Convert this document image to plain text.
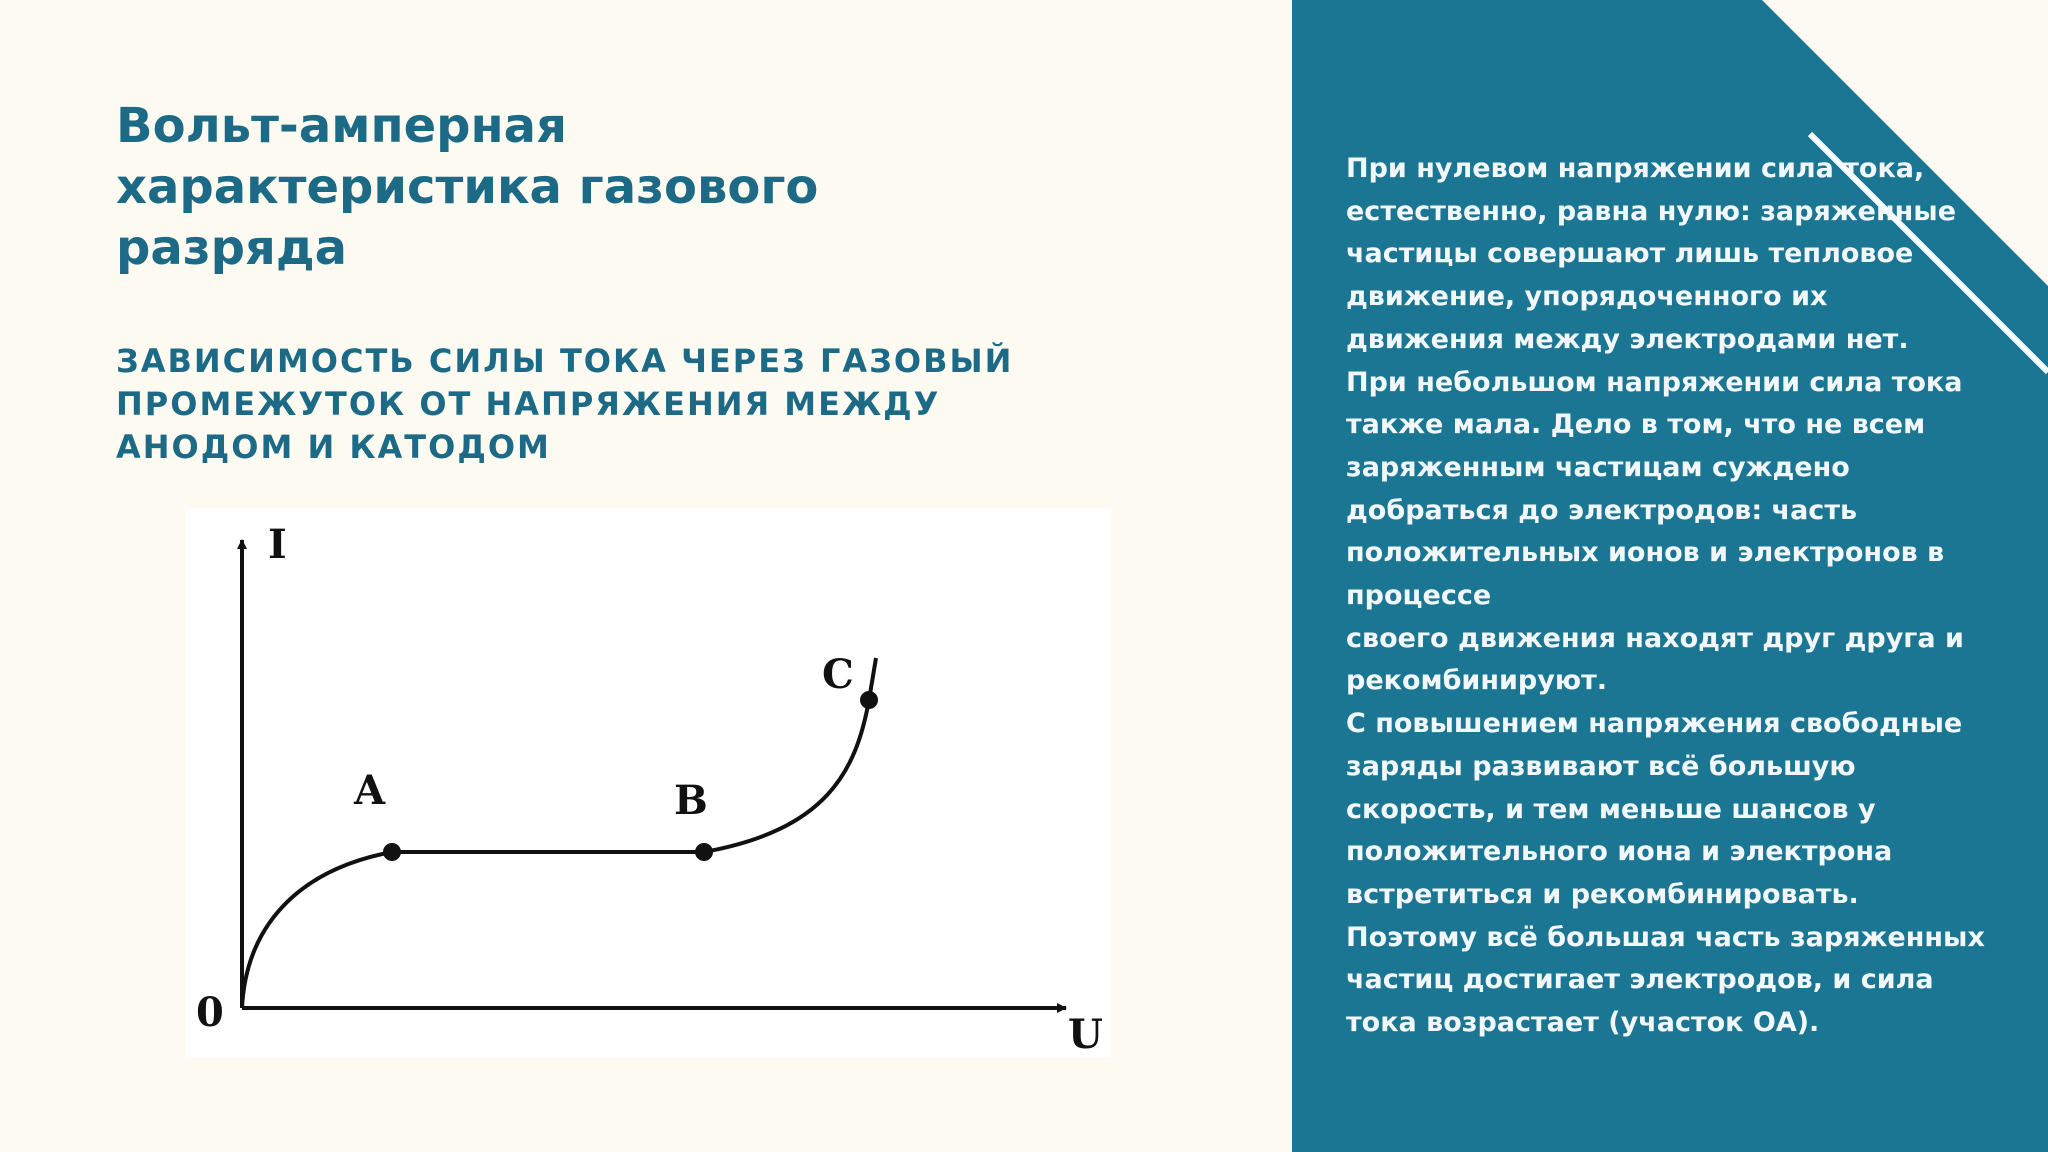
Вольт-амперная характеристика газового разряда
ЗАВИСИМОСТЬ СИЛЫ ТОКА ЧЕРЕЗ ГАЗОВЫЙ ПРОМЕЖУТОК ОТ НАПРЯЖЕНИЯ МЕЖДУ АНОДОМ И КАТОДОМ
I
U
0
A	B
C

При нулевом напряжении сила тока, естественно, равна нулю: заряженные частицы совершают лишь тепловое движение, упорядоченного их движения между электродами нет.

При небольшом напряжении сила тока также мала. Дело в том, что не всем заряженным частицам суждено добраться до электродов: часть положительных ионов и электронов в процессе

своего движения находят друг друга и рекомбинируют.

С повышением напряжения свободные заряды развивают всё большую скорость, и тем меньше шансов у положительного иона и электрона встретиться и рекомбинировать. Поэтому всё большая часть заряженных частиц достигает электродов, и сила тока возрастает (участок ОА).
